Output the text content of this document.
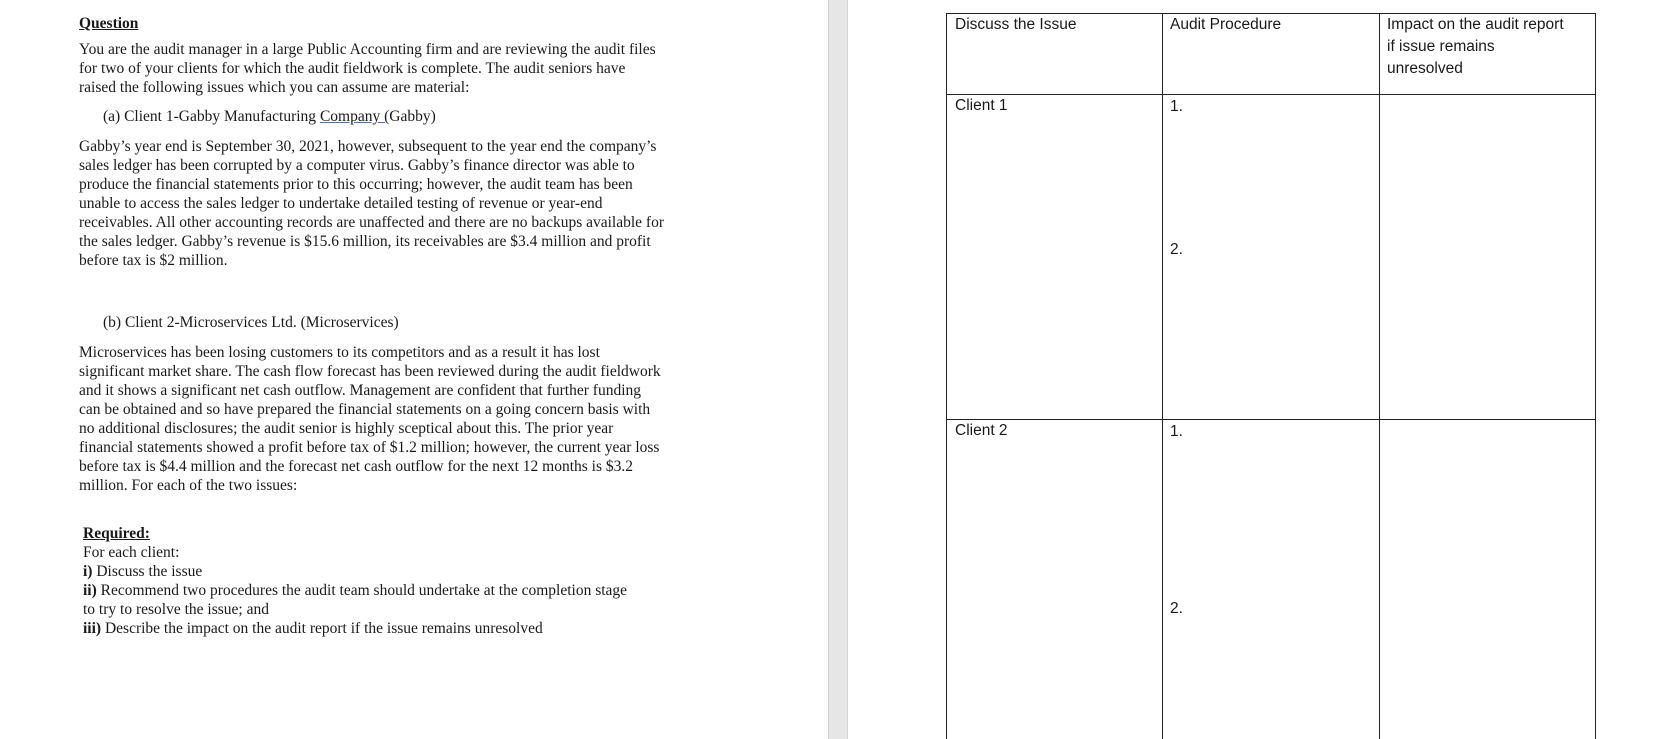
Question
You are the audit manager in a large Public Accounting firm and are reviewing the audit files
for two of your clients for which the audit fieldwork is complete. The audit seniors have
raised the following issues which you can assume are material:
(a) Client 1-Gabby Manufacturing Company (Gabby)
Gabby’s year end is September 30, 2021, however, subsequent to the year end the company’s
sales ledger has been corrupted by a computer virus. Gabby’s finance director was able to
produce the financial statements prior to this occurring; however, the audit team has been
unable to access the sales ledger to undertake detailed testing of revenue or year-end
receivables. All other accounting records are unaffected and there are no backups available for
the sales ledger. Gabby’s revenue is $15.6 million, its receivables are $3.4 million and profit
before tax is $2 million.
(b) Client 2-Microservices Ltd. (Microservices)
Microservices has been losing customers to its competitors and as a result it has lost
significant market share. The cash flow forecast has been reviewed during the audit fieldwork
and it shows a significant net cash outflow. Management are confident that further funding
can be obtained and so have prepared the financial statements on a going concern basis with
no additional disclosures; the audit senior is highly sceptical about this. The prior year
financial statements showed a profit before tax of $1.2 million; however, the current year loss
before tax is $4.4 million and the forecast net cash outflow for the next 12 months is $3.2
million. For each of the two issues:
Required:
For each client:
i) Discuss the issue
ii) Recommend two procedures the audit team should undertake at the completion stage
to try to resolve the issue; and
iii) Describe the impact on the audit report if the issue remains unresolved
Discuss the Issue	Audit Procedure	Impact on the audit report
if issue remains
unresolved
Client 1	1.
2.
Client 2	1.
2.
